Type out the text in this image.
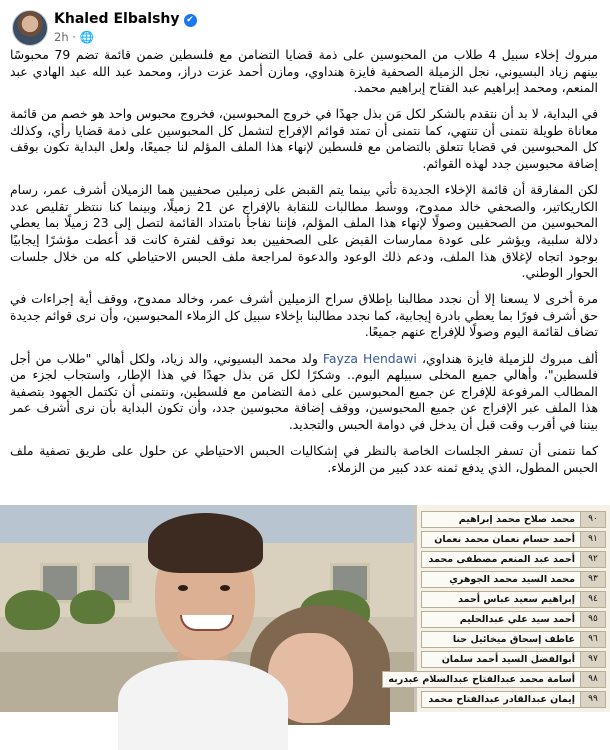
Khaled Elbalshy ✔
2h · 🌐

مبروك إخلاء سبيل 4 طلاب من المحبوسين على ذمة قضايا التضامن مع فلسطين ضمن قائمة تضم 79 محبوسًا بينهم زياد البسيوني، نجل الزميلة الصحفية فايزة هنداوي، ومازن أحمد عزت دراز، ومحمد عبد الله عبد الهادي عبد المنعم، ومحمد إبراهيم عبد الفتاح إبراهيم محمد.

في البداية، لا بد أن نتقدم بالشكر لكل مَن بذل جهدًا في خروج المحبوسين، فخروج محبوس واحد هو خصم من قائمة معاناة طويلة نتمنى أن تنتهي، كما نتمنى أن تمتد قوائم الإفراج لتشمل كل المحبوسين على ذمة قضايا رأي، وكذلك كل المحبوسين في قضايا تتعلق بالتضامن مع فلسطين لإنهاء هذا الملف المؤلم لنا جميعًا، ولعل البداية تكون بوقف إضافة محبوسين جدد لهذه القوائم.

لكن المفارقة أن قائمة الإخلاء الجديدة تأتي بينما يتم القبض على زميلين صحفيين هما الزميلان أشرف عمر، رسام الكاريكاتير، والصحفي خالد ممدوح، ووسط مطالبات للنقابة بالإفراج عن 21 زميلًا، وبينما كنا ننتظر تقليص عدد المحبوسين من الصحفيين وصولًا لإنهاء هذا الملف المؤلم، فإننا نفاجأ بامتداد القائمة لتصل إلى 23 زميلًا بما يعطي دلالة سلبية، ويؤشر على عودة ممارسات القبض على الصحفيين بعد توقف لفترة كانت قد أعطت مؤشرًا إيجابيًا بوجود اتجاه لإغلاق هذا الملف، ودعم ذلك الوعود والدعوة لمراجعة ملف الحبس الاحتياطي كله من خلال جلسات الحوار الوطني.

مرة أخرى لا يسعنا إلا أن نجدد مطالبنا بإطلاق سراح الزميلين أشرف عمر، وخالد ممدوح، ووقف أية إجراءات في حق أشرف فورًا بما يعطي بادرة إيجابية، كما نجدد مطالبنا بإخلاء سبيل كل الزملاء المحبوسين، وأن نرى قوائم جديدة تضاف لقائمة اليوم وصولًا للإفراج عنهم جميعًا.

ألف مبروك للزميلة فايزة هنداوي، Fayza Hendawi ولد محمد البسيوني، والد زياد، ولكل أهالي "طلاب من أجل فلسطين"، وأهالي جميع المخلى سبيلهم اليوم.. وشكرًا لكل مَن بذل جهدًا في هذا الإطار، واستجاب لجزء من المطالب المرفوعة للإفراج عن جميع المحبوسين على ذمة التضامن مع فلسطين، ونتمنى أن تكتمل الجهود بتصفية هذا الملف عبر الإفراج عن جميع المحبوسين، ووقف إضافة محبوسين جدد، وأن تكون البداية بأن نرى أشرف عمر بيننا في أقرب وقت قبل أن يدخل في دوامة الحبس والتجديد.

كما نتمنى أن تسفر الجلسات الخاصة بالنظر في إشكاليات الحبس الاحتياطي عن حلول على طريق تصفية ملف الحبس المطول، الذي يدفع ثمنه عدد كبير من الزملاء.

٩٠
محمد صلاح محمد إبراهيم
٩١
أحمد حسام نعمان محمد نعمان
٩٢
أحمد عبد المنعم مصطفى محمد
٩٣
محمد السيد محمد الجوهري
٩٤
إبراهيم سعيد عباس أحمد
٩٥
أحمد سيد علي عبدالحليم
٩٦
عاطف إسحاق ميخائيل حنا
٩٧
أبوالفضل السيد أحمد سلمان
٩٨
أسامة محمد عبدالفتاح عبدالسلام عبدربه
٩٩
إيمان عبدالقادر عبدالفتاح محمد
